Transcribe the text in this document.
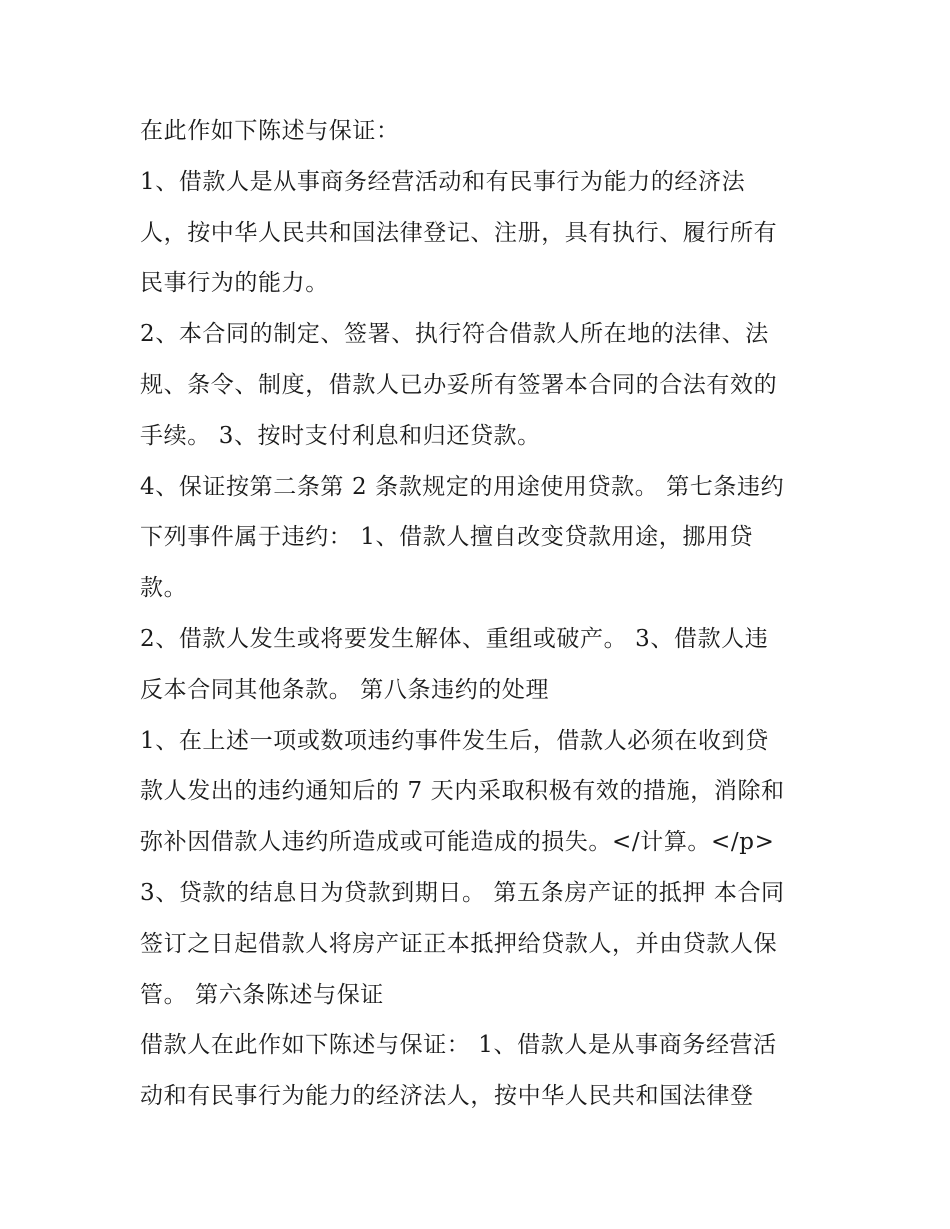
在此作如下陈述与保证：
1、借款人是从事商务经营活动和有民事行为能力的经济法
人，按中华人民共和国法律登记、注册，具有执行、履行所有
民事行为的能力。
2、本合同的制定、签署、执行符合借款人所在地的法律、法
规、条令、制度，借款人已办妥所有签署本合同的合法有效的
手续。 3、按时支付利息和归还贷款。
4、保证按第二条第 2 条款规定的用途使用贷款。 第七条违约
下列事件属于违约： 1、借款人擅自改变贷款用途，挪用贷
款。
2、借款人发生或将要发生解体、重组或破产。 3、借款人违
反本合同其他条款。 第八条违约的处理
1、在上述一项或数项违约事件发生后，借款人必须在收到贷
款人发出的违约通知后的 7 天内采取积极有效的措施，消除和
弥补因借款人违约所造成或可能造成的损失。</计算。</p>
3、贷款的结息日为贷款到期日。 第五条房产证的抵押 本合同
签订之日起借款人将房产证正本抵押给贷款人，并由贷款人保
管。 第六条陈述与保证
借款人在此作如下陈述与保证： 1、借款人是从事商务经营活
动和有民事行为能力的经济法人，按中华人民共和国法律登
